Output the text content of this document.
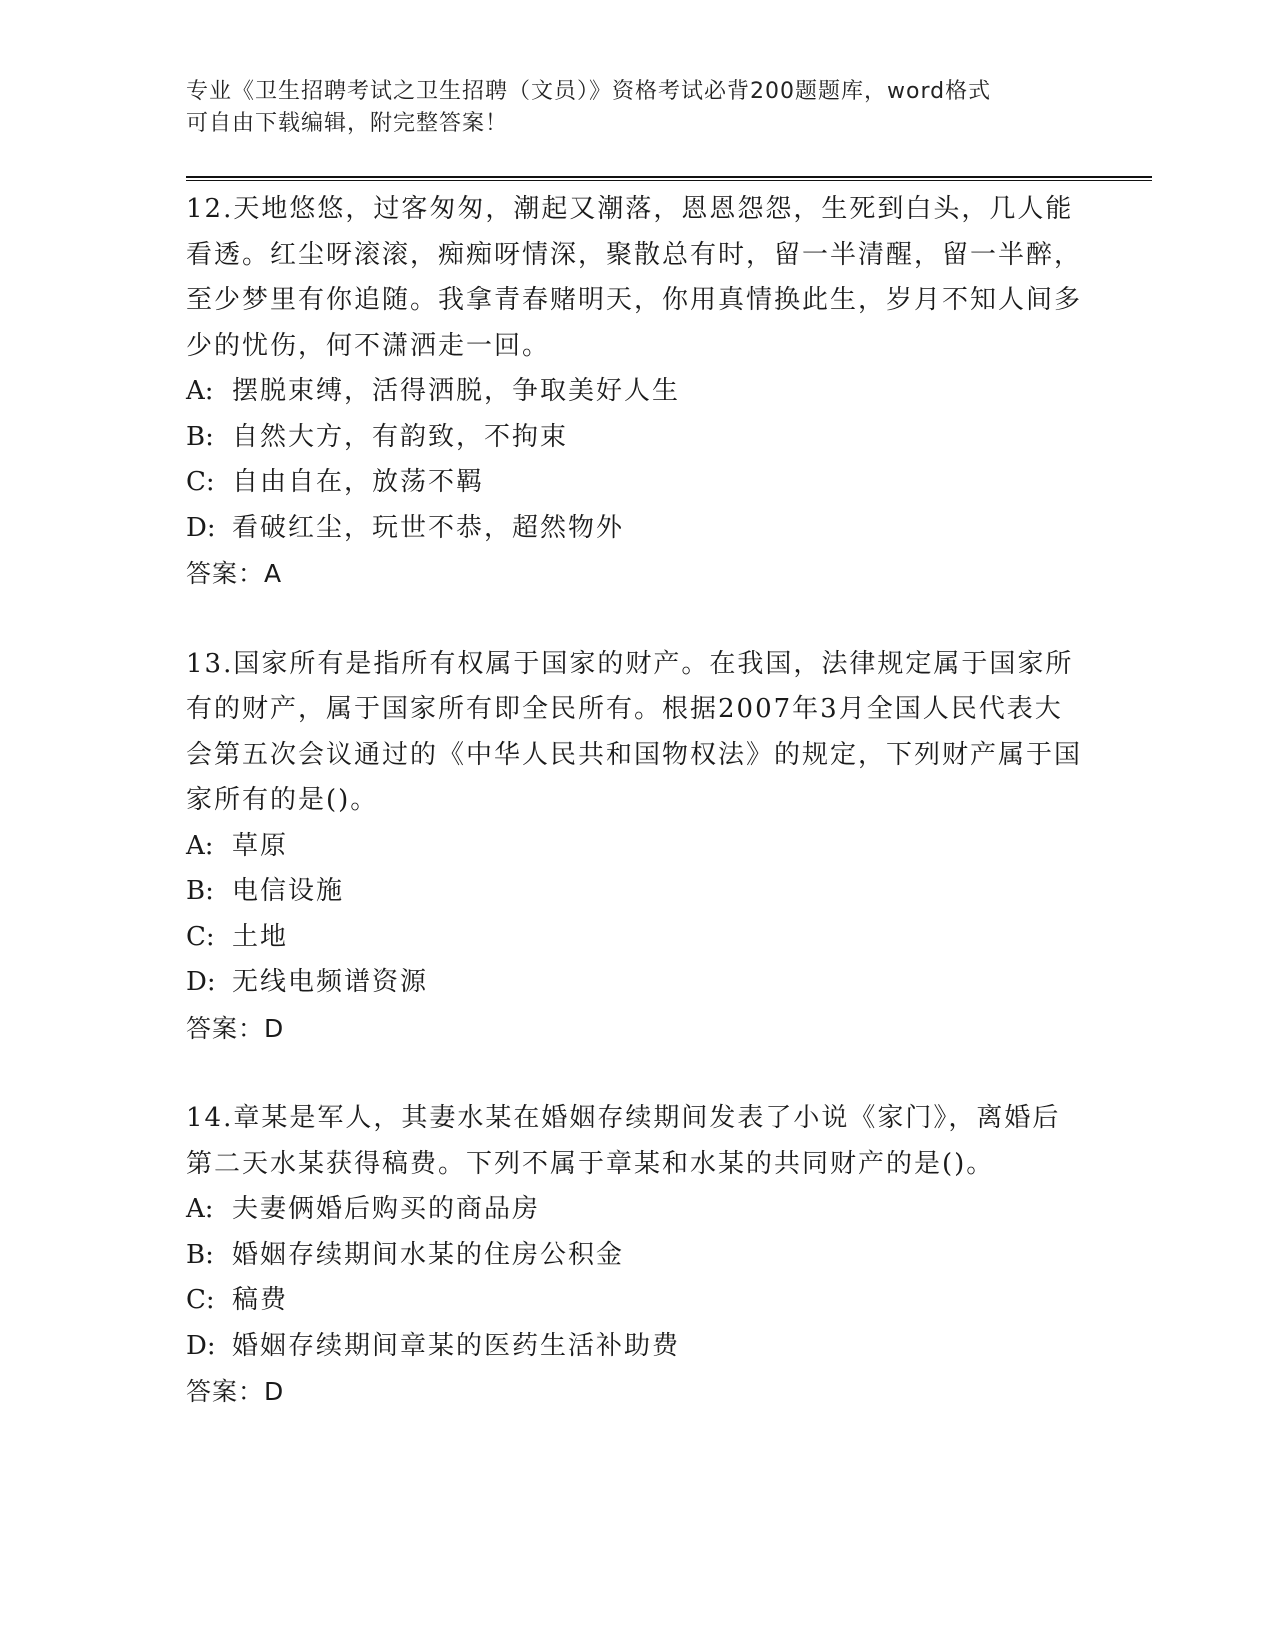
专业《卫生招聘考试之卫生招聘（文员）》资格考试必背200题题库，word格式
可自由下载编辑，附完整答案！

12.天地悠悠，过客匆匆，潮起又潮落，恩恩怨怨，生死到白头，几人能看透。红尘呀滚滚，痴痴呀情深，聚散总有时，留一半清醒，留一半醉，至少梦里有你追随。我拿青春赌明天，你用真情换此生，岁月不知人间多少的忧伤，何不潇洒走一回。

A: 摆脱束缚，活得洒脱，争取美好人生

B: 自然大方，有韵致，不拘束

C: 自由自在，放荡不羁

D: 看破红尘，玩世不恭，超然物外

答案：A

13.国家所有是指所有权属于国家的财产。在我国，法律规定属于国家所有的财产，属于国家所有即全民所有。根据2007年3月全国人民代表大会第五次会议通过的《中华人民共和国物权法》的规定，下列财产属于国家所有的是()。

A: 草原

B: 电信设施

C: 土地

D: 无线电频谱资源

答案：D

14.章某是军人，其妻水某在婚姻存续期间发表了小说《家门》，离婚后第二天水某获得稿费。下列不属于章某和水某的共同财产的是()。

A: 夫妻俩婚后购买的商品房

B: 婚姻存续期间水某的住房公积金

C: 稿费

D: 婚姻存续期间章某的医药生活补助费

答案：D
